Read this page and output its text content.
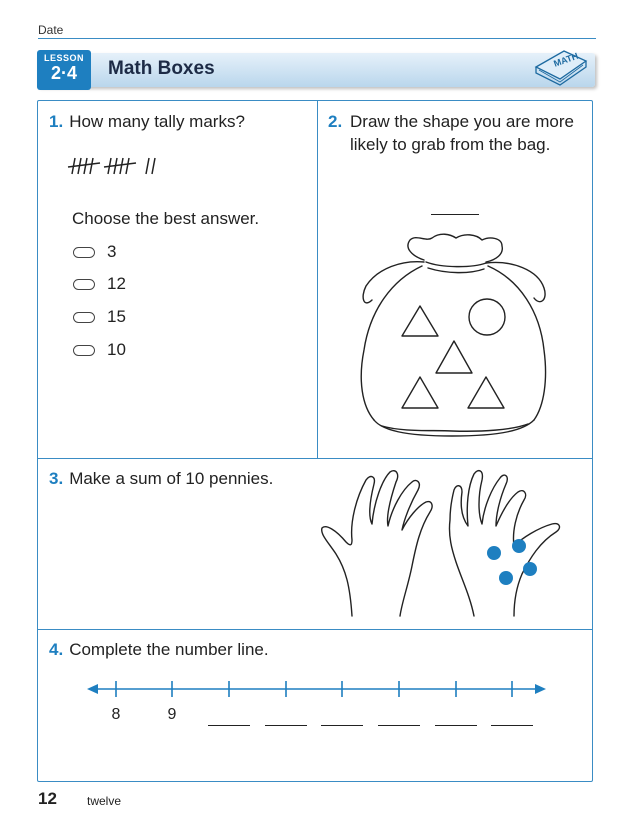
Date
LESSON
2·4	Math Boxes	MATH
1. How many tally marks?
Choose the best answer.
3
12
15
10
2. Draw the shape you are more likely to grab from the bag.
3. Make a sum of 10 pennies.
4. Complete the number line.
8	9
12	twelve
